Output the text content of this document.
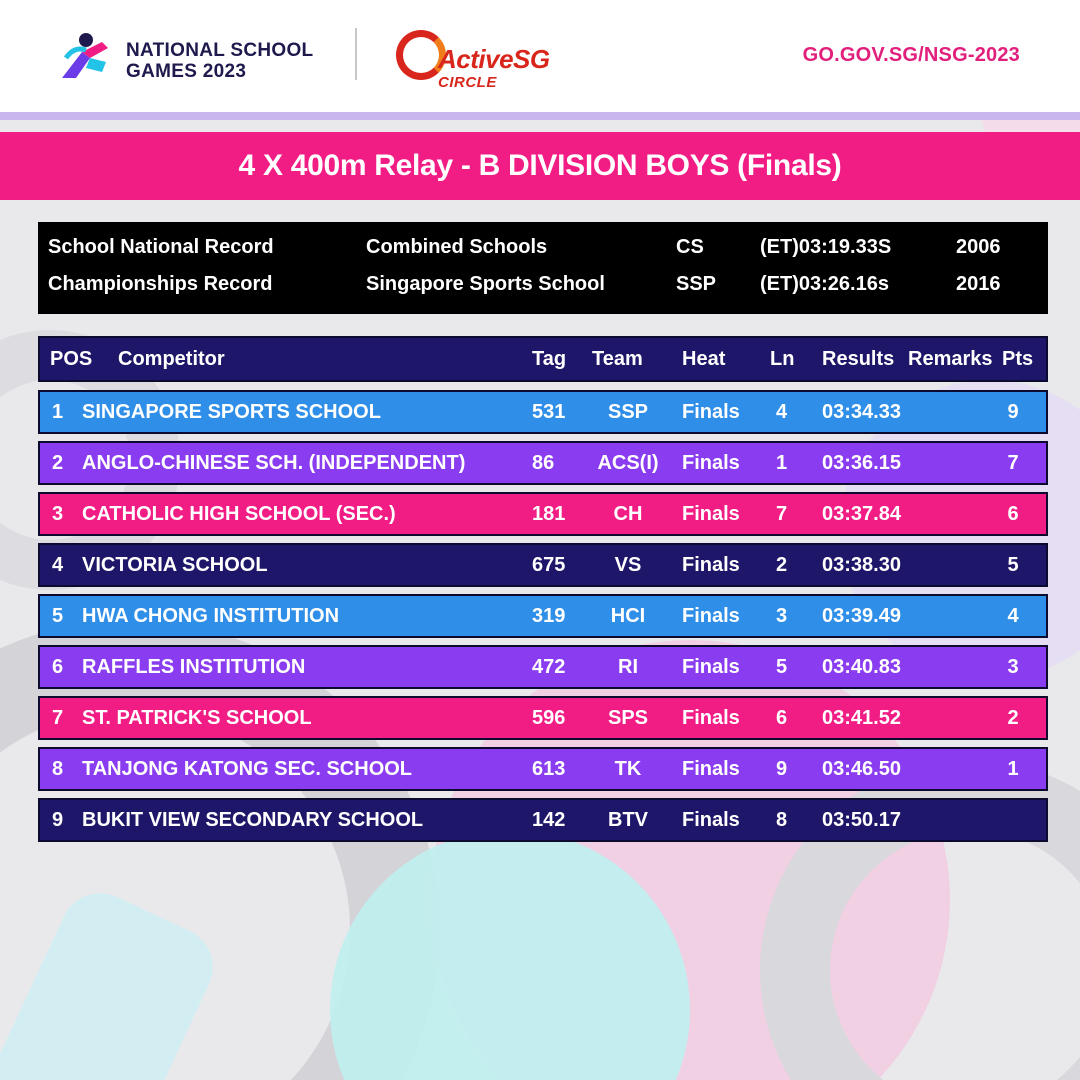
NATIONAL SCHOOL
GAMES 2023	ActiveSG
CIRCLE
GO.GOV.SG/NSG-2023
4 X 400m Relay - B DIVISION BOYS (Finals)
School National Record	Combined Schools	CS	(ET)03:19.33S	2006
Championships Record	Singapore Sports School	SSP (ET)03:26.16s	2016
POS Competitor	Tag Team Heat Ln Results Remarks Pts
1 SINGAPORE SPORTS SCHOOL	531	SSP	Finals 4 03:34.33	9
2 ANGLO-CHINESE SCH. (INDEPENDENT)	86 ACS(I) Finals 1 03:36.15	7
3 CATHOLIC HIGH SCHOOL (SEC.)	181	CH	Finals 7 03:37.84	6
4 VICTORIA SCHOOL	675	VS	Finals 2 03:38.30	5
5 HWA CHONG INSTITUTION	319	HCI	Finals 3 03:39.49	4
6 RAFFLES INSTITUTION	472	RI	Finals 5 03:40.83	3
7 ST. PATRICK'S SCHOOL	596	SPS	Finals 6 03:41.52	2
8 TANJONG KATONG SEC. SCHOOL	613	TK	Finals 9 03:46.50	1
9 BUKIT VIEW SECONDARY SCHOOL	142	BTV	Finals 8 03:50.17
